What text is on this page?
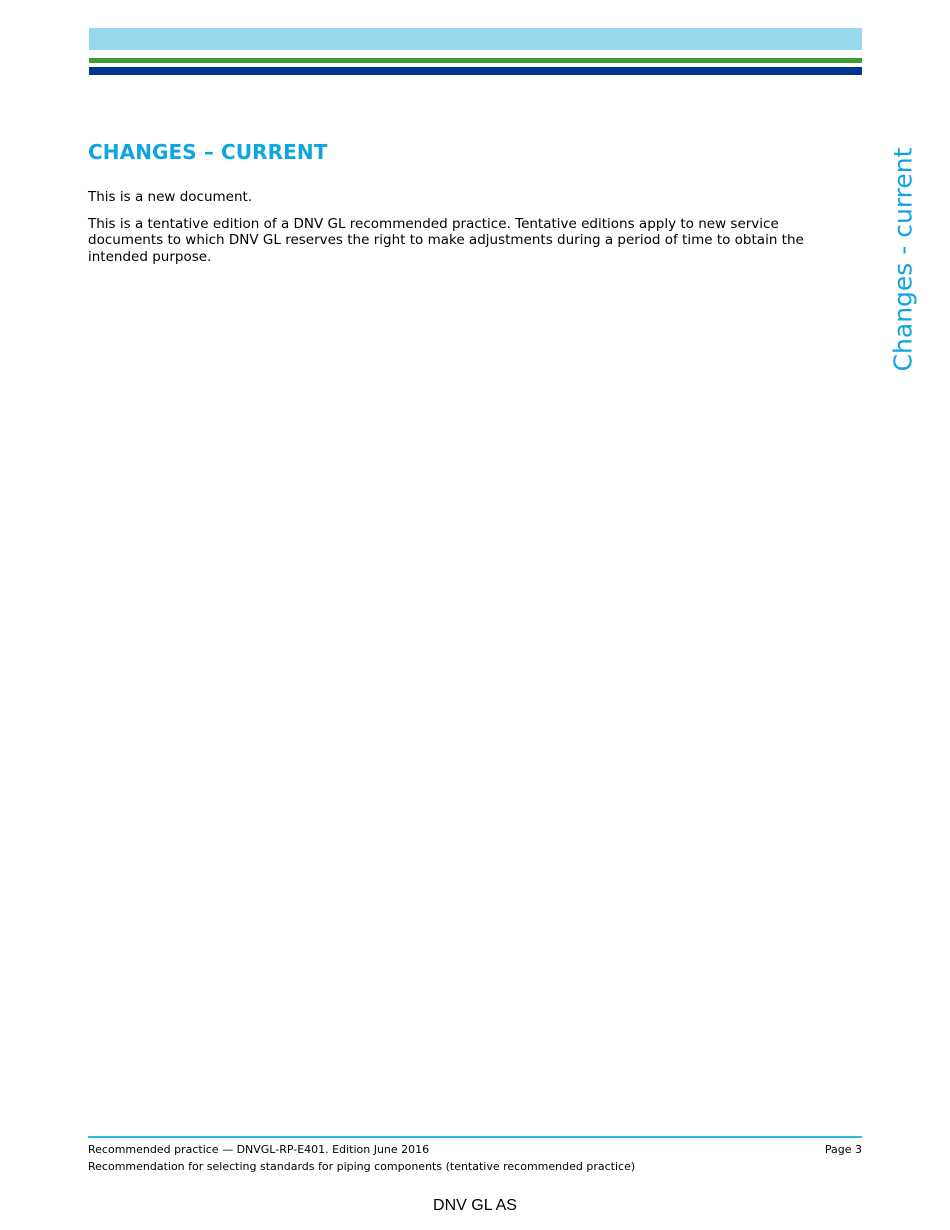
CHANGES – CURRENT

This is a new document.

This is a tentative edition of a DNV GL recommended practice. Tentative editions apply to new service documents to which DNV GL reserves the right to make adjustments during a period of time to obtain the intended purpose.	Changes - current
Recommended practice — DNVGL-RP-E401. Edition June 2016	Page 3
Recommendation for selecting standards for piping components (tentative recommended practice)
DNV GL AS
